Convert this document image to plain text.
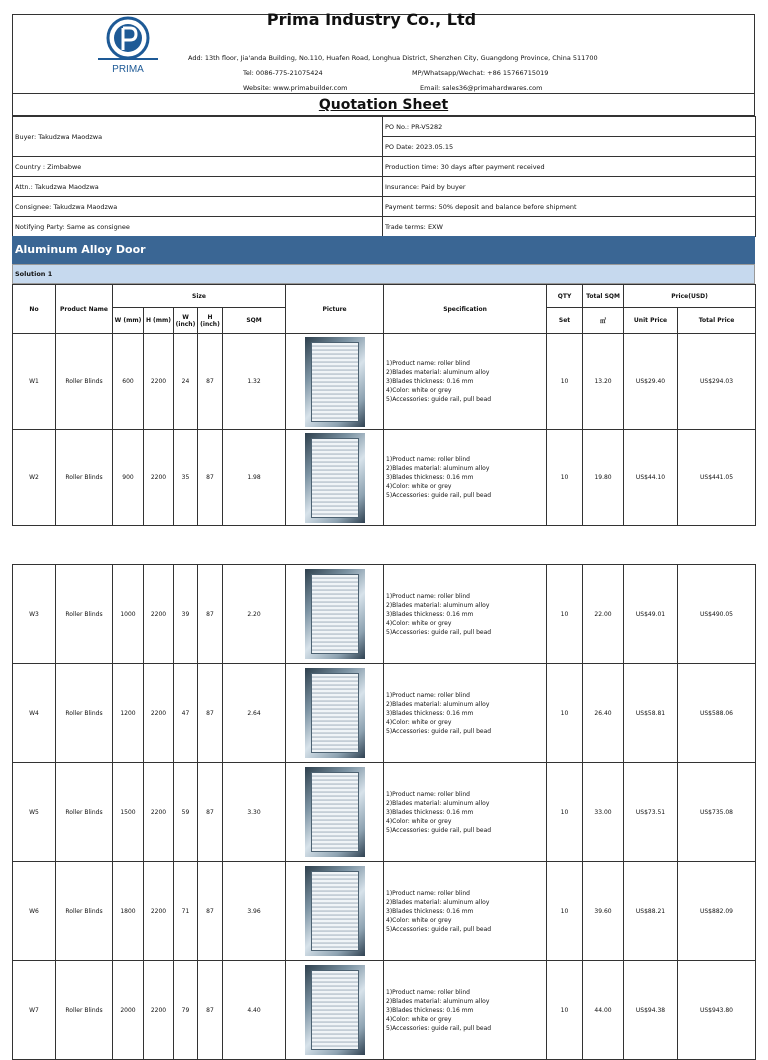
PRIMA
Prima Industry Co., Ltd
Add: 13th floor, Jia'anda Building, No.110, Huafen Road, Longhua District, Shenzhen City, Guangdong Province, China 511700
Tel: 0086-775-21075424	MP/Whatsapp/Wechat: +86 15766715019
Website: www.primabuilder.com	Email: sales36@primahardwares.com
Quotation Sheet
Buyer: Takudzwa Maodzwa	PO No.: PR-V5282
	PO Date: 2023.05.15
Country : Zimbabwe	Production time: 30 days after payment received
Attn.: Takudzwa Maodzwa	Insurance: Paid by buyer
Consignee: Takudzwa Maodzwa	Payment terms: 50% deposit and balance before shipment
Notifying Party: Same as consignee	Trade terms: EXW
Aluminum Alloy Door
Solution 1
No	Product Name	Size					Picture	Specification	QTY	Total SQM	Price(USD)	
		W (mm)	H (mm)	W (inch)	H (inch)	SQM			Set	㎡	Unit Price	Total Price
W1	Roller Blinds	600	2200	24	87	1.32		1)Product name: roller blind
2)Blades material: aluminum alloy
3)Blades thickness: 0.16 mm
4)Color: white or grey
5)Accessories: guide rail, pull bead	10	13.20	US$29.40	US$294.03
W2	Roller Blinds	900	2200	35	87	1.98		1)Product name: roller blind
2)Blades material: aluminum alloy
3)Blades thickness: 0.16 mm
4)Color: white or grey
5)Accessories: guide rail, pull bead	10	19.80	US$44.10	US$441.05
W3	Roller Blinds	1000	2200	39	87	2.20		1)Product name: roller blind
2)Blades material: aluminum alloy
3)Blades thickness: 0.16 mm
4)Color: white or grey
5)Accessories: guide rail, pull bead	10	22.00	US$49.01	US$490.05
W4	Roller Blinds	1200	2200	47	87	2.64		1)Product name: roller blind
2)Blades material: aluminum alloy
3)Blades thickness: 0.16 mm
4)Color: white or grey
5)Accessories: guide rail, pull bead	10	26.40	US$58.81	US$588.06
W5	Roller Blinds	1500	2200	59	87	3.30		1)Product name: roller blind
2)Blades material: aluminum alloy
3)Blades thickness: 0.16 mm
4)Color: white or grey
5)Accessories: guide rail, pull bead	10	33.00	US$73.51	US$735.08
W6	Roller Blinds	1800	2200	71	87	3.96		1)Product name: roller blind
2)Blades material: aluminum alloy
3)Blades thickness: 0.16 mm
4)Color: white or grey
5)Accessories: guide rail, pull bead	10	39.60	US$88.21	US$882.09
W7	Roller Blinds	2000	2200	79	87	4.40		1)Product name: roller blind
2)Blades material: aluminum alloy
3)Blades thickness: 0.16 mm
4)Color: white or grey
5)Accessories: guide rail, pull bead	10	44.00	US$94.38	US$943.80
